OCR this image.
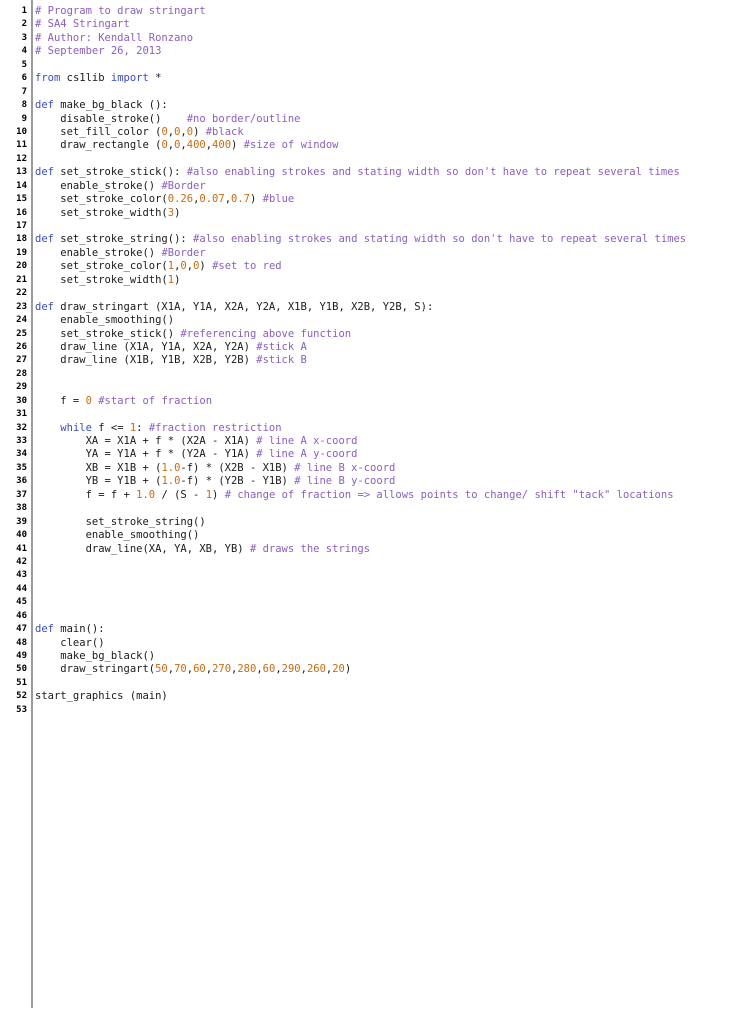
1 # Program to draw stringart
2 # SA4 Stringart
3 # Author: Kendall Ronzano
4 # September 26, 2013
5
6 from cs1lib import *
7
8 def make_bg_black ():
9 disable_stroke()    #no border/outline
10 set_fill_color (0,0,0) #black
11 draw_rectangle (0,0,400,400) #size of window
12
13 def set_stroke_stick(): #also enabling strokes and stating width so don't have to repeat several times
14 enable_stroke() #Border
15 set_stroke_color(0.26,0.07,0.7) #blue
16 set_stroke_width(3)
17
18 def set_stroke_string(): #also enabling strokes and stating width so don't have to repeat several times
19 enable_stroke() #Border
20 set_stroke_color(1,0,0) #set to red
21 set_stroke_width(1)
22
23 def draw_stringart (X1A, Y1A, X2A, Y2A, X1B, Y1B, X2B, Y2B, S):
24 enable_smoothing()
25 set_stroke_stick() #referencing above function
26 draw_line (X1A, Y1A, X2A, Y2A) #stick A
27 draw_line (X1B, Y1B, X2B, Y2B) #stick B
28
29
30 f = 0 #start of fraction
31
32	while f <= 1: #fraction restriction
33 XA = X1A + f * (X2A - X1A) # line A x-coord
34 YA = Y1A + f * (Y2A - Y1A) # line A y-coord
35 XB = X1B + (1.0-f) * (X2B - X1B) # line B x-coord
36 YB = Y1B + (1.0-f) * (Y2B - Y1B) # line B y-coord
37 f = f + 1.0 / (S - 1) # change of fraction => allows points to change/ shift "tack" locations
38
39 set_stroke_string()
40 enable_smoothing()
41 draw_line(XA, YA, XB, YB) # draws the strings
42
43
44
45
46
47 def main():
48 clear()
49 make_bg_black()
50 draw_stringart(50,70,60,270,280,60,290,260,20)
51
52 start_graphics (main)
53
